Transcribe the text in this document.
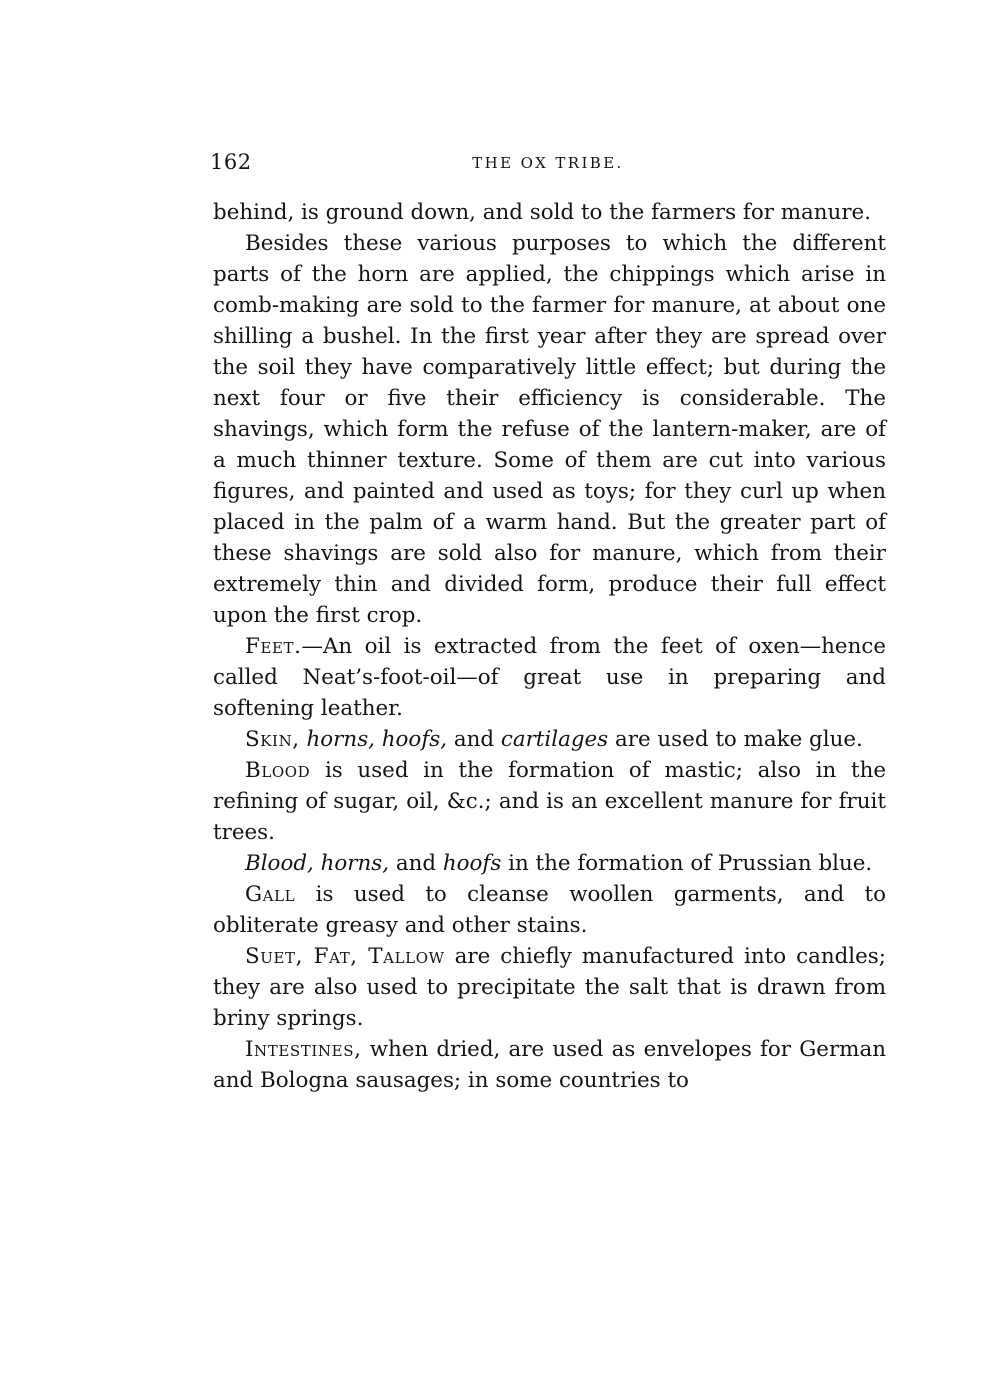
162	THE OX TRIBE.

behind, is ground down, and sold to the farmers for manure.

Besides these various purposes to which the different parts of the horn are applied, the chippings which arise in comb-making are sold to the farmer for manure, at about one shilling a bushel. In the first year after they are spread over the soil they have comparatively little effect; but during the next four or five their efficiency is considerable. The shavings, which form the refuse of the lantern-maker, are of a much thinner texture. Some of them are cut into various figures, and painted and used as toys; for they curl up when placed in the palm of a warm hand. But the greater part of these shavings are sold also for manure, which from their extremely thin and divided form, produce their full effect upon the first crop.

Feet.—An oil is extracted from the feet of oxen—hence called Neat’s-foot-oil—of great use in preparing and softening leather.

Skin, horns, hoofs, and cartilages are used to make glue.

Blood is used in the formation of mastic; also in the refining of sugar, oil, &c.; and is an excellent manure for fruit trees.

Blood, horns, and hoofs in the formation of Prussian blue.

Gall is used to cleanse woollen garments, and to obliterate greasy and other stains.

Suet, Fat, Tallow are chiefly manufactured into candles; they are also used to precipitate the salt that is drawn from briny springs.

Intestines, when dried, are used as envelopes for German and Bologna sausages; in some countries to
